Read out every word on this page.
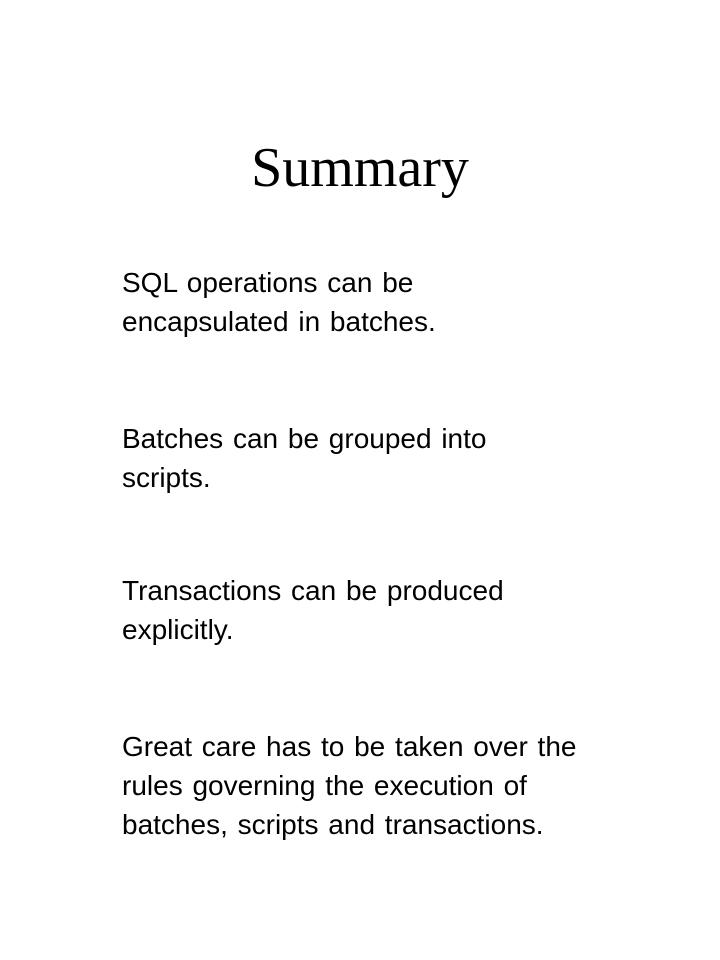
Summary

SQL operations can be
encapsulated in batches.

Batches can be grouped into
scripts.

Transactions can be produced
explicitly.

Great care has to be taken over the
rules governing the execution of
batches, scripts and transactions.
